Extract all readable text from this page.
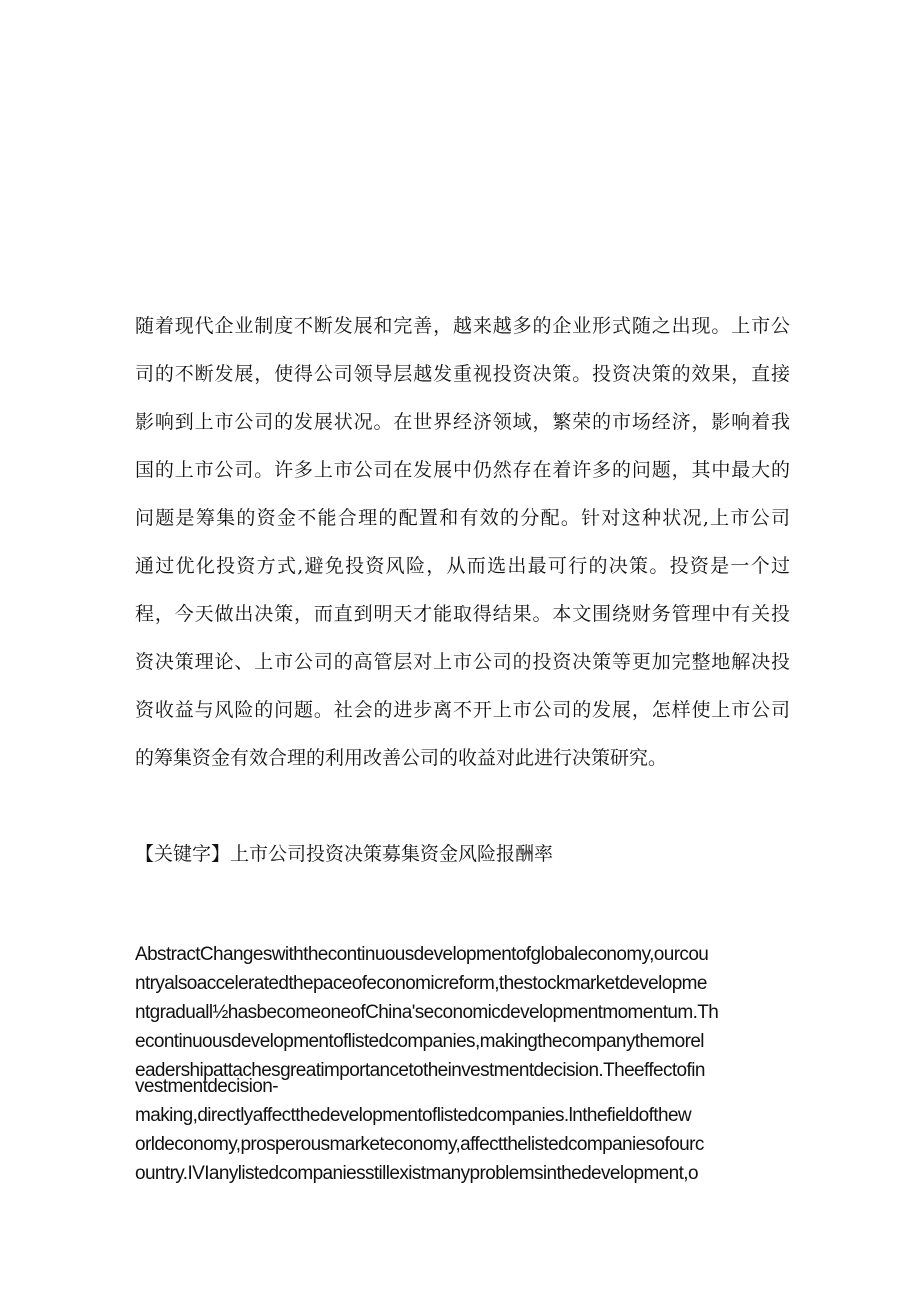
随着现代企业制度不断发展和完善，越来越多的企业形式随之出现。上市公
司的不断发展，使得公司领导层越发重视投资决策。投资决策的效果，直接
影响到上市公司的发展状况。在世界经济领域，繁荣的市场经济，影响着我
国的上市公司。许多上市公司在发展中仍然存在着许多的问题，其中最大的
问题是筹集的资金不能合理的配置和有效的分配。针对这种状况,上市公司
通过优化投资方式,避免投资风险，从而选出最可行的决策。投资是一个过
程，今天做出决策，而直到明天才能取得结果。本文围绕财务管理中有关投
资决策理论、上市公司的高管层对上市公司的投资决策等更加完整地解决投
资收益与风险的问题。社会的进步离不开上市公司的发展，怎样使上市公司
的筹集资金有效合理的利用改善公司的收益对此进行决策研究。
【关键字】上市公司投资决策募集资金风险报酬率
AbstractChangeswiththecontinuousdevelopmentofglobaleconomy,ourcou
ntryalsoacceleratedthepaceofeconomicreform,thestockmarketdevelopme
ntgraduall½hasbecomeoneofChina'seconomicdevelopmentmomentum.Th
econtinuousdevelopmentoflistedcompanies,makingthecompanythemorel
eadershipattachesgreatimportancetotheinvestmentdecision.Theeffectofin
vestmentdecision-
making,directlyaffectthedevelopmentoflistedcompanies.lnthefieldofthew
orldeconomy,prosperousmarketeconomy,affectthelistedcompaniesofourc
ountry.IVIanylistedcompaniesstillexistmanyproblemsinthedevelopment,o
